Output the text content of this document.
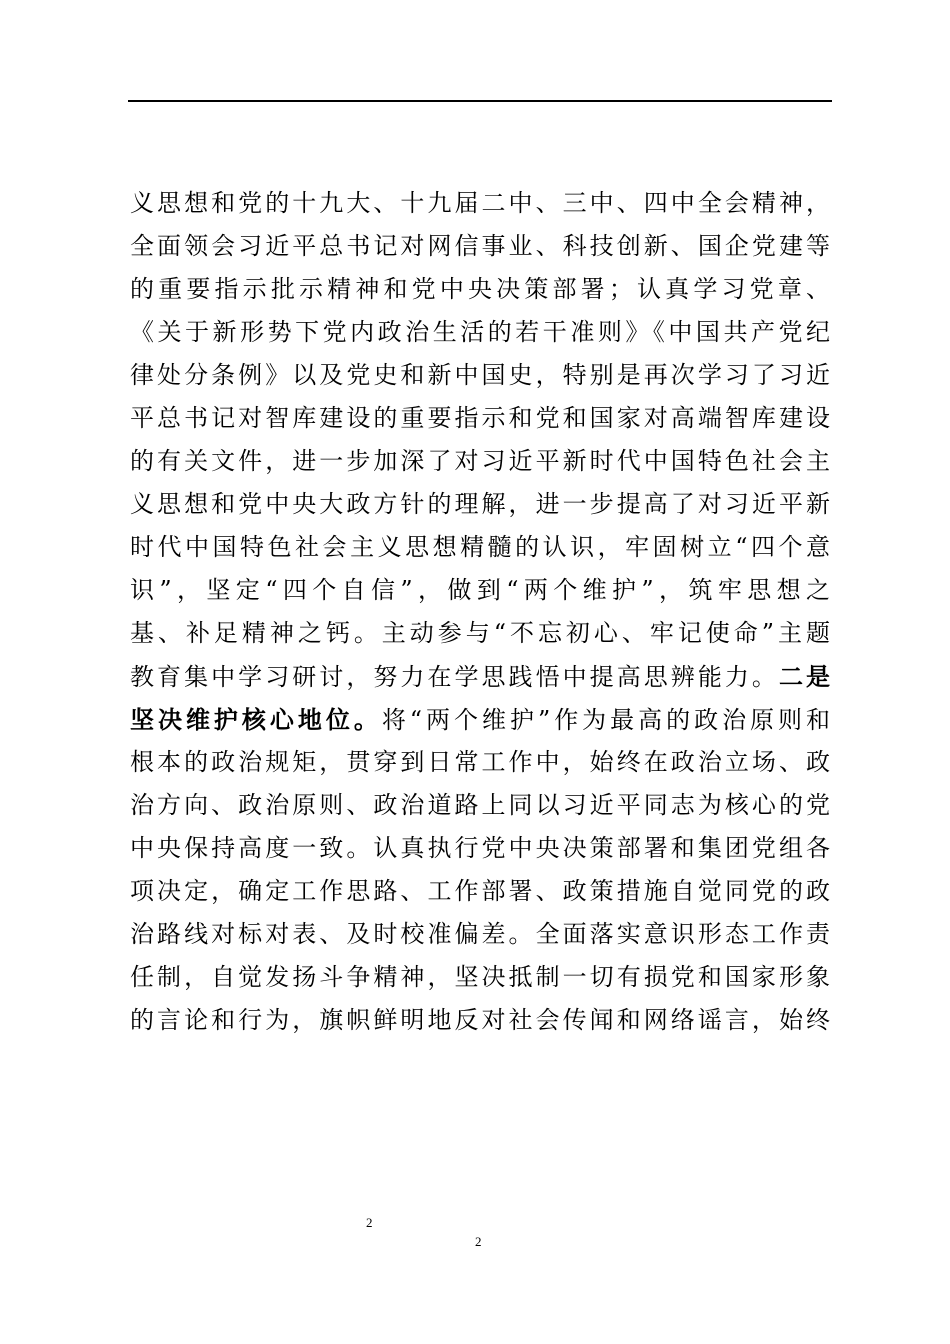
义思想和党的十九大、十九届二中、三中、四中全会精神，
全面领会习近平总书记对网信事业、科技创新、国企党建等
的重要指示批示精神和党中央决策部署；认真学习党章、
《关于新形势下党内政治生活的若干准则》《中国共产党纪
律处分条例》以及党史和新中国史，特别是再次学习了习近
平总书记对智库建设的重要指示和党和国家对高端智库建设
的有关文件，进一步加深了对习近平新时代中国特色社会主
义思想和党中央大政方针的理解，进一步提高了对习近平新
时代中国特色社会主义思想精髓的认识，牢固树立“四个意
识”，坚定“四个自信”，做到“两个维护”，筑牢思想之
基、补足精神之钙。主动参与“不忘初心、牢记使命”主题
教育集中学习研讨，努力在学思践悟中提高思辨能力。二是
坚决维护核心地位。将“两个维护”作为最高的政治原则和
根本的政治规矩，贯穿到日常工作中，始终在政治立场、政
治方向、政治原则、政治道路上同以习近平同志为核心的党
中央保持高度一致。认真执行党中央决策部署和集团党组各
项决定，确定工作思路、工作部署、政策措施自觉同党的政
治路线对标对表、及时校准偏差。全面落实意识形态工作责
任制，自觉发扬斗争精神，坚决抵制一切有损党和国家形象
的言论和行为，旗帜鲜明地反对社会传闻和网络谣言，始终
2
2
